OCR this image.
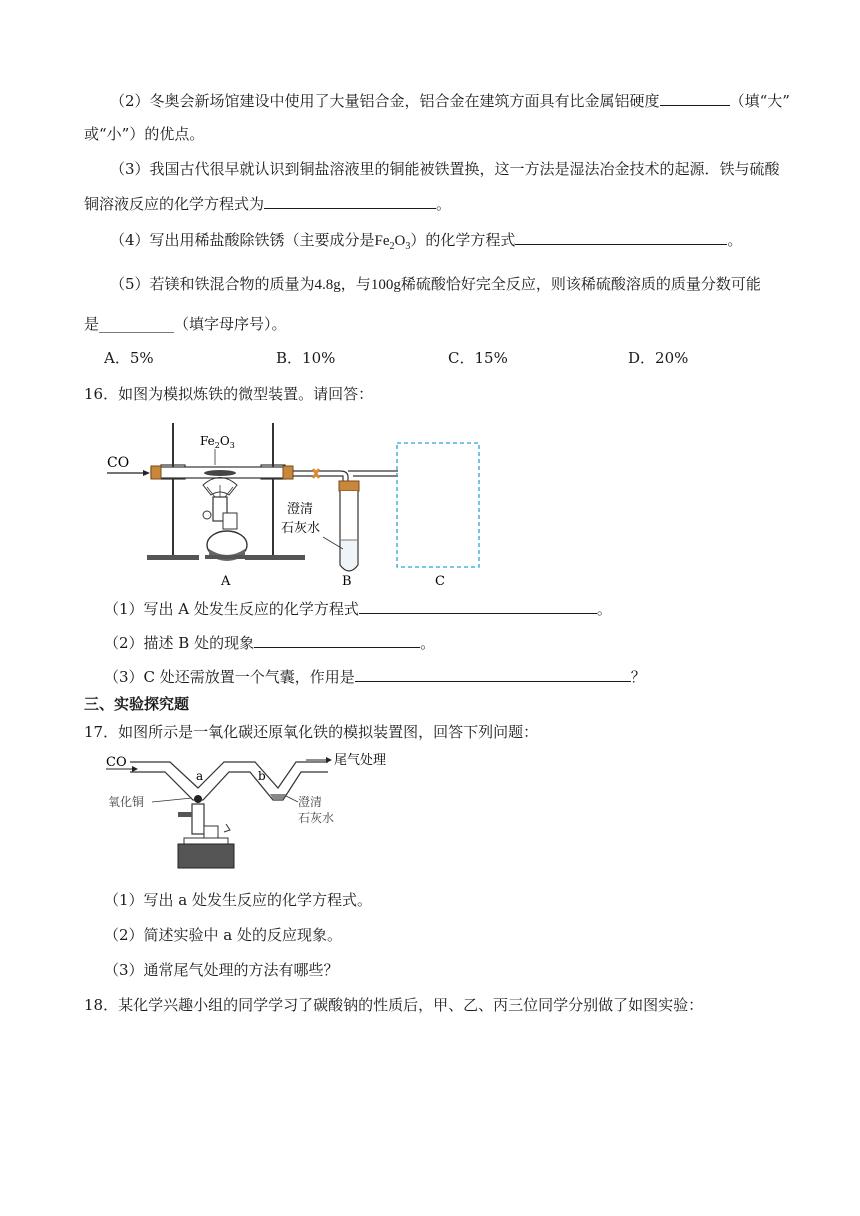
（2）冬奥会新场馆建设中使用了大量铝合金，铝合金在建筑方面具有比金属铝硬度	（填“大”
或“小”）的优点。
（3）我国古代很早就认识到铜盐溶液里的铜能被铁置换，这一方法是湿法冶金技术的起源．铁与硫酸
铜溶液反应的化学方程式为	。
（4）写出用稀盐酸除铁锈（主要成分是$Fe_2O_3$）的化学方程式	。
（5）若镁和铁混合物的质量为4.8g，与100g稀硫酸恰好完全反应，则该稀硫酸溶质的质量分数可能
是__________（填字母序号）。
A．5%	B．10%	C．15%	D．20%
16．如图为模拟炼铁的微型装置。请回答：
CO
$Fe_2O_3$
澄清
石灰水
A	B	C
（1）写出 A 处发生反应的化学方程式	。
（2）描述 B 处的现象	。
（3）C 处还需放置一个气囊，作用是	？
三、实验探究题
17．如图所示是一氧化碳还原氧化铁的模拟装置图，回答下列问题：
CO
a	b
尾气处理
氧化铜	澄清
石灰水
（1）写出 a 处发生反应的化学方程式。
（2）简述实验中 a 处的反应现象。
（3）通常尾气处理的方法有哪些？
18．某化学兴趣小组的同学学习了碳酸钠的性质后，甲、乙、丙三位同学分别做了如图实验：
